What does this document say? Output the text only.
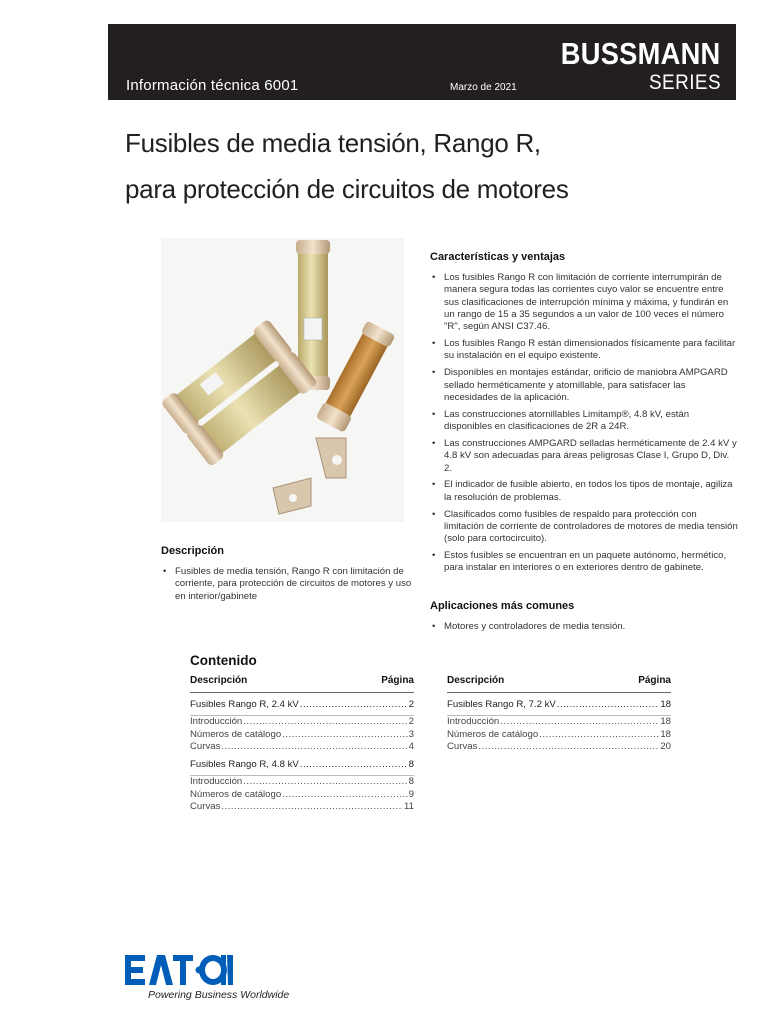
Información técnica 6001	Marzo de 2021
BUSSMANN
SERIES
Fusibles de media tensión, Rango R,
para protección de circuitos de motores
Descripción
• Fusibles de media tensión, Rango R con limitación de corriente, para protección de circuitos de motores y uso en interior/gabinete
Características y ventajas
• Los fusibles Rango R con limitación de corriente interrumpirán de manera segura todas las corrientes cuyo valor se encuentre entre sus clasificaciones de interrupción mínima y máxima, y fundirán en un rango de 15 a 35 segundos a un valor de 100 veces el número "R", según ANSI C37.46.
• Los fusibles Rango R están dimensionados físicamente para facilitar su instalación en el equipo existente.
• Disponibles en montajes estándar, orificio de maniobra AMPGARD sellado herméticamente y atornillable, para satisfacer las necesidades de la aplicación.
• Las construcciones atornillables Limitamp®, 4.8 kV, están disponibles en clasificaciones de 2R a 24R.
• Las construcciones AMPGARD selladas herméticamente de 2.4 kV y 4.8 kV son adecuadas para áreas peligrosas Clase I, Grupo D, Div. 2.
• El indicador de fusible abierto, en todos los tipos de montaje, agiliza la resolución de problemas.
• Clasificados como fusibles de respaldo para protección con limitación de corriente de controladores de motores de media tensión (solo para cortocircuito).
• Estos fusibles se encuentran en un paquete autónomo, hermético, para instalar en interiores o en exteriores dentro de gabinete.
Aplicaciones más comunes
• Motores y controladores de media tensión.
Contenido
Descripción	Página
Fusibles Rango R, 2.4 kV .....	2
Introducción .....	2
Números de catálogo .....	3
Curvas .....	4
Fusibles Rango R, 4.8 kV .....	8
Introducción .....	8
Números de catálogo .....	9
Curvas .....	11
Descripción	Página
Fusibles Rango R, 7.2 kV .....	18
Introducción .....	18
Números de catálogo .....	18
Curvas .....	20
Powering Business Worldwide
